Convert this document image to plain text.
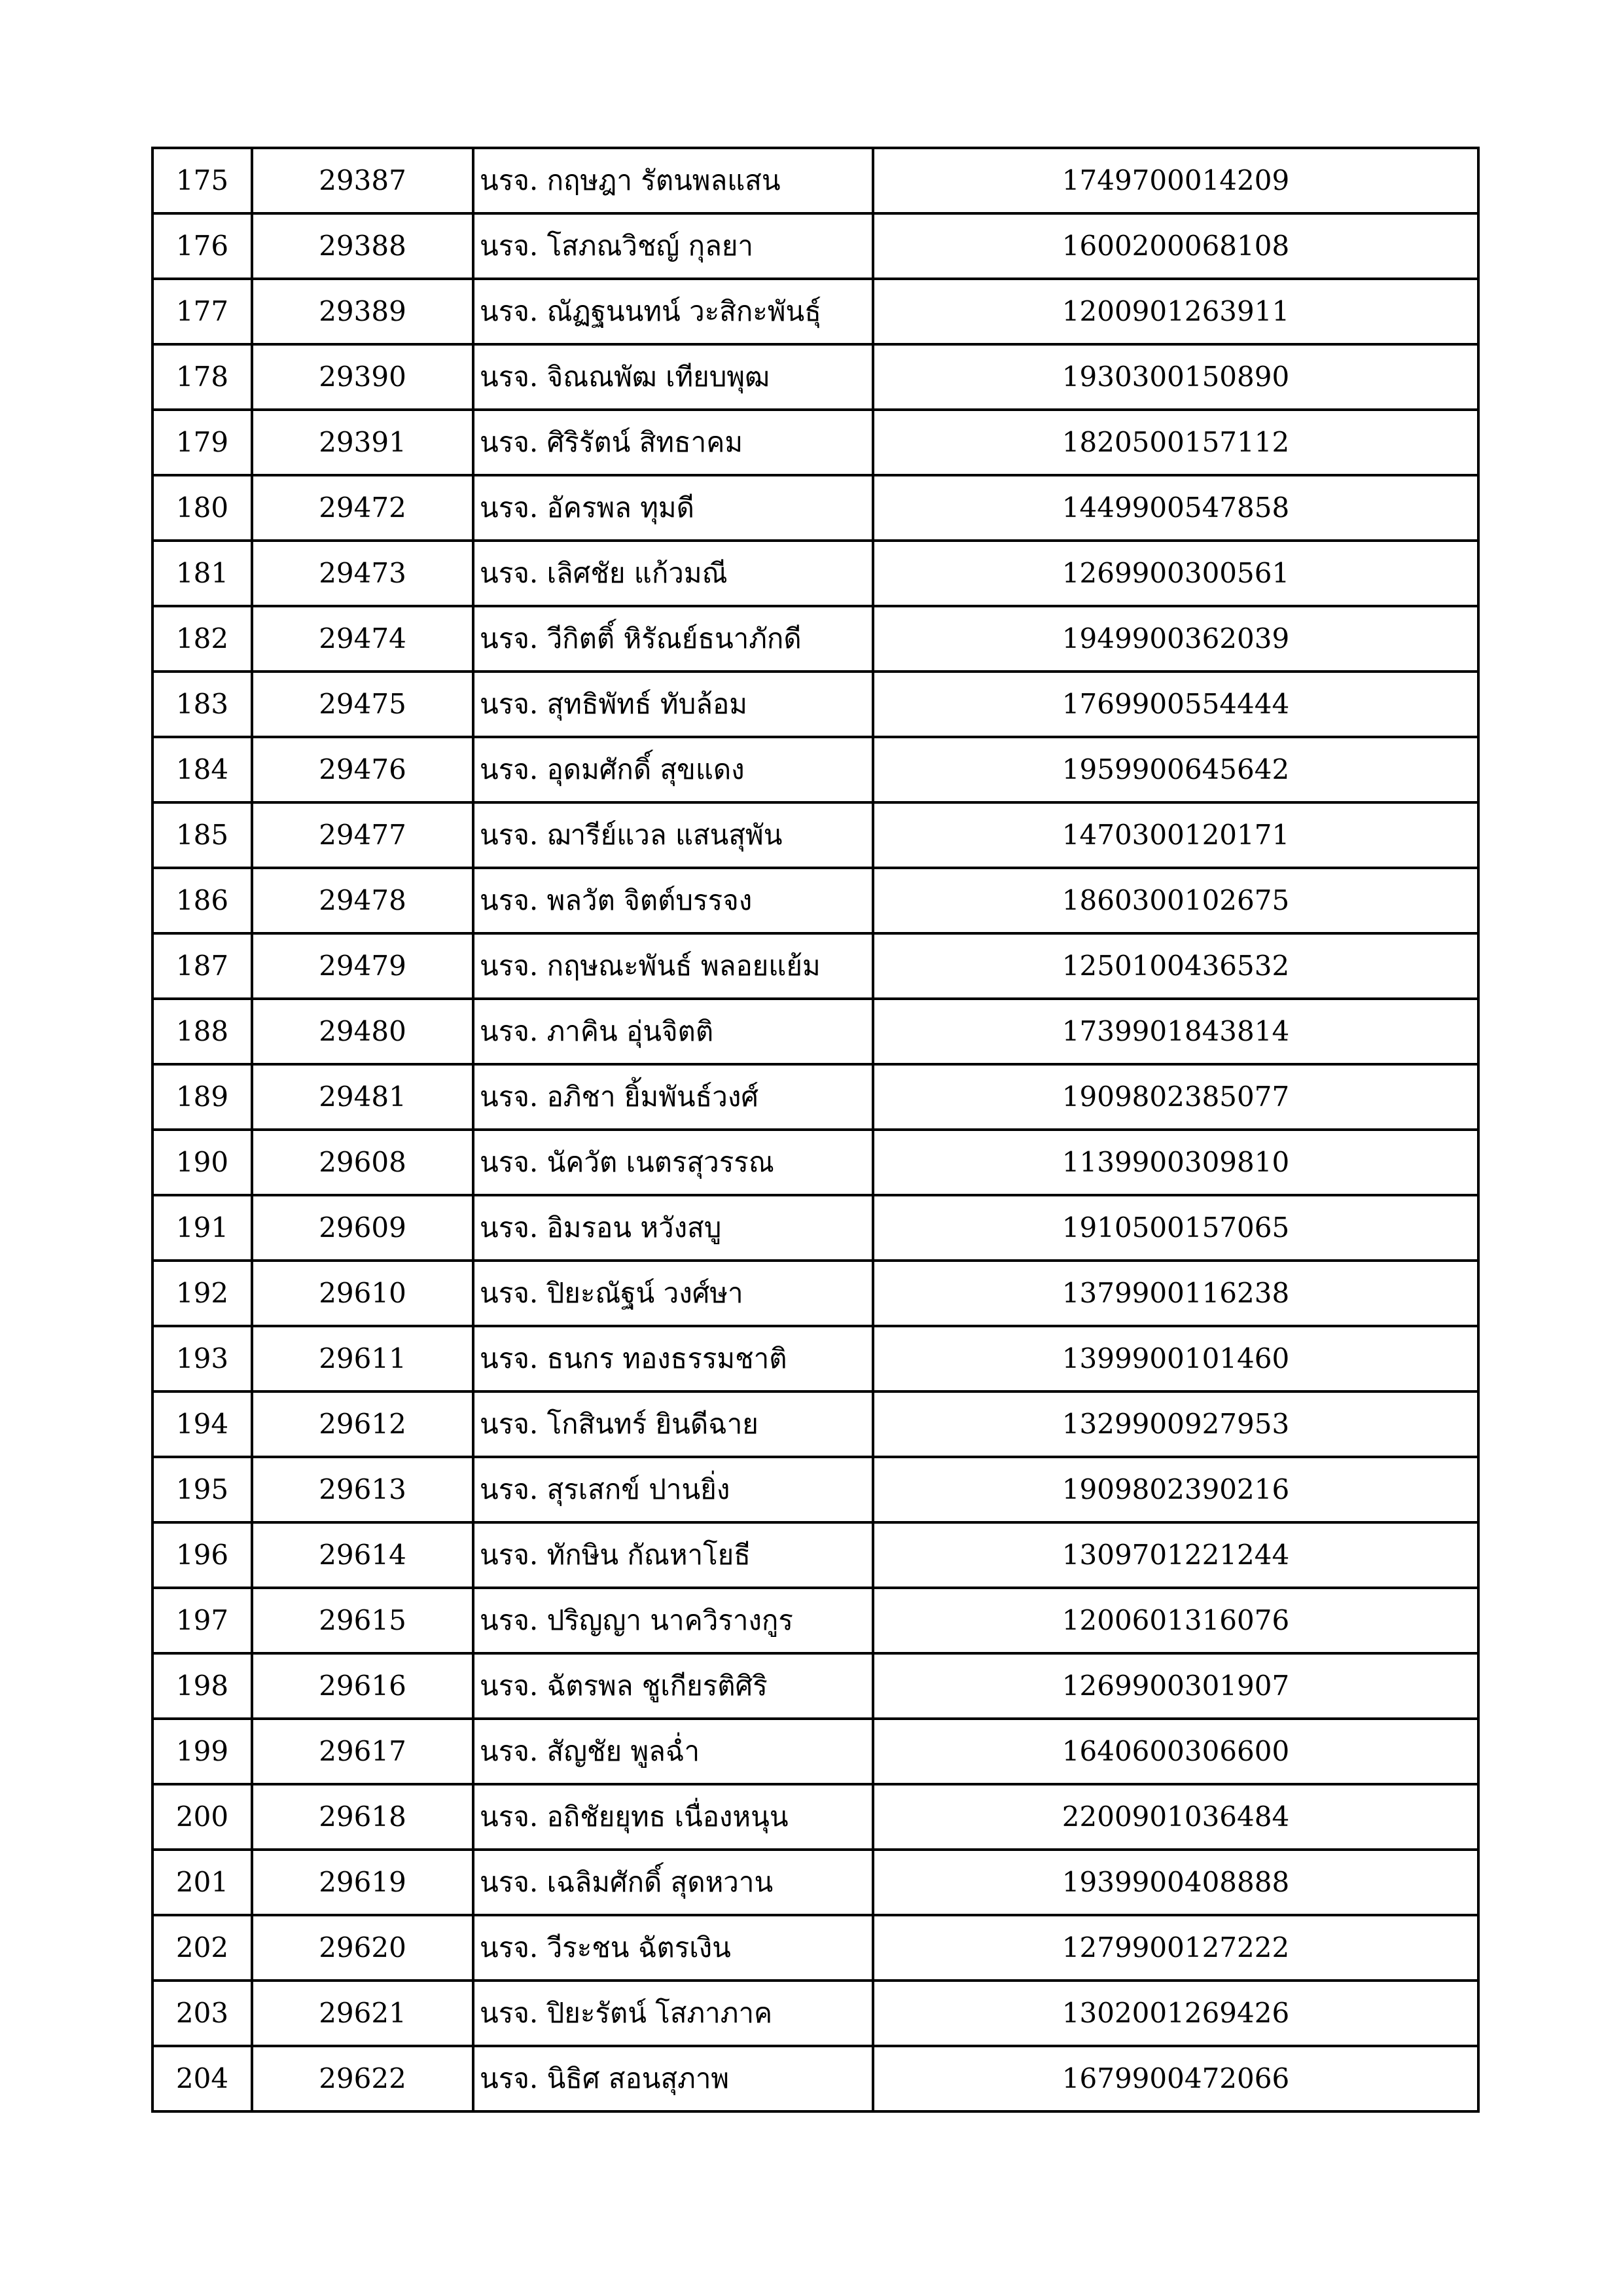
175	29387	นรจ. กฤษฎา รัตนพลแสน	1749700014209
176	29388	นรจ. โสภณวิชญ์ กุลยา	1600200068108
177	29389	นรจ. ณัฏฐนนทน์ วะสิกะพันธุ์	1200901263911
178	29390	นรจ. จิณณพัฒ เทียบพุฒ	1930300150890
179	29391	นรจ. ศิริรัตน์ สิทธาคม	1820500157112
180	29472	นรจ. อัครพล ทุมดี	1449900547858
181	29473	นรจ. เลิศชัย แก้วมณี	1269900300561
182	29474	นรจ. วีกิตติ์ หิรัณย์ธนาภักดี	1949900362039
183	29475	นรจ. สุทธิพัทธ์ ทับล้อม	1769900554444
184	29476	นรจ. อุดมศักดิ์ สุขแดง	1959900645642
185	29477	นรจ. ฌารีย์แวล แสนสุพัน	1470300120171
186	29478	นรจ. พลวัต จิตต์บรรจง	1860300102675
187	29479	นรจ. กฤษณะพันธ์ พลอยแย้ม	1250100436532
188	29480	นรจ. ภาคิน อุ่นจิตติ	1739901843814
189	29481	นรจ. อภิชา ยิ้มพันธ์วงศ์	1909802385077
190	29608	นรจ. นัควัต เนตรสุวรรณ	1139900309810
191	29609	นรจ. อิมรอน หวังสบู	1910500157065
192	29610	นรจ. ปิยะณัฐน์ วงศ์ษา	1379900116238
193	29611	นรจ. ธนกร ทองธรรมชาติ	1399900101460
194	29612	นรจ. โกสินทร์ ยินดีฉาย	1329900927953
195	29613	นรจ. สุรเสกข์ ปานยิ่ง	1909802390216
196	29614	นรจ. ทักษิน กัณหาโยธี	1309701221244
197	29615	นรจ. ปริญญา นาควิรางกูร	1200601316076
198	29616	นรจ. ฉัตรพล ชูเกียรติศิริ	1269900301907
199	29617	นรจ. สัญชัย พูลฉ่ำ	1640600306600
200	29618	นรจ. อถิชัยยุทธ เนื่องหนุน	2200901036484
201	29619	นรจ. เฉลิมศักดิ์ สุดหวาน	1939900408888
202	29620	นรจ. วีระชน ฉัตรเงิน	1279900127222
203	29621	นรจ. ปิยะรัตน์ โสภาภาค	1302001269426
204	29622	นรจ. นิธิศ สอนสุภาพ	1679900472066
